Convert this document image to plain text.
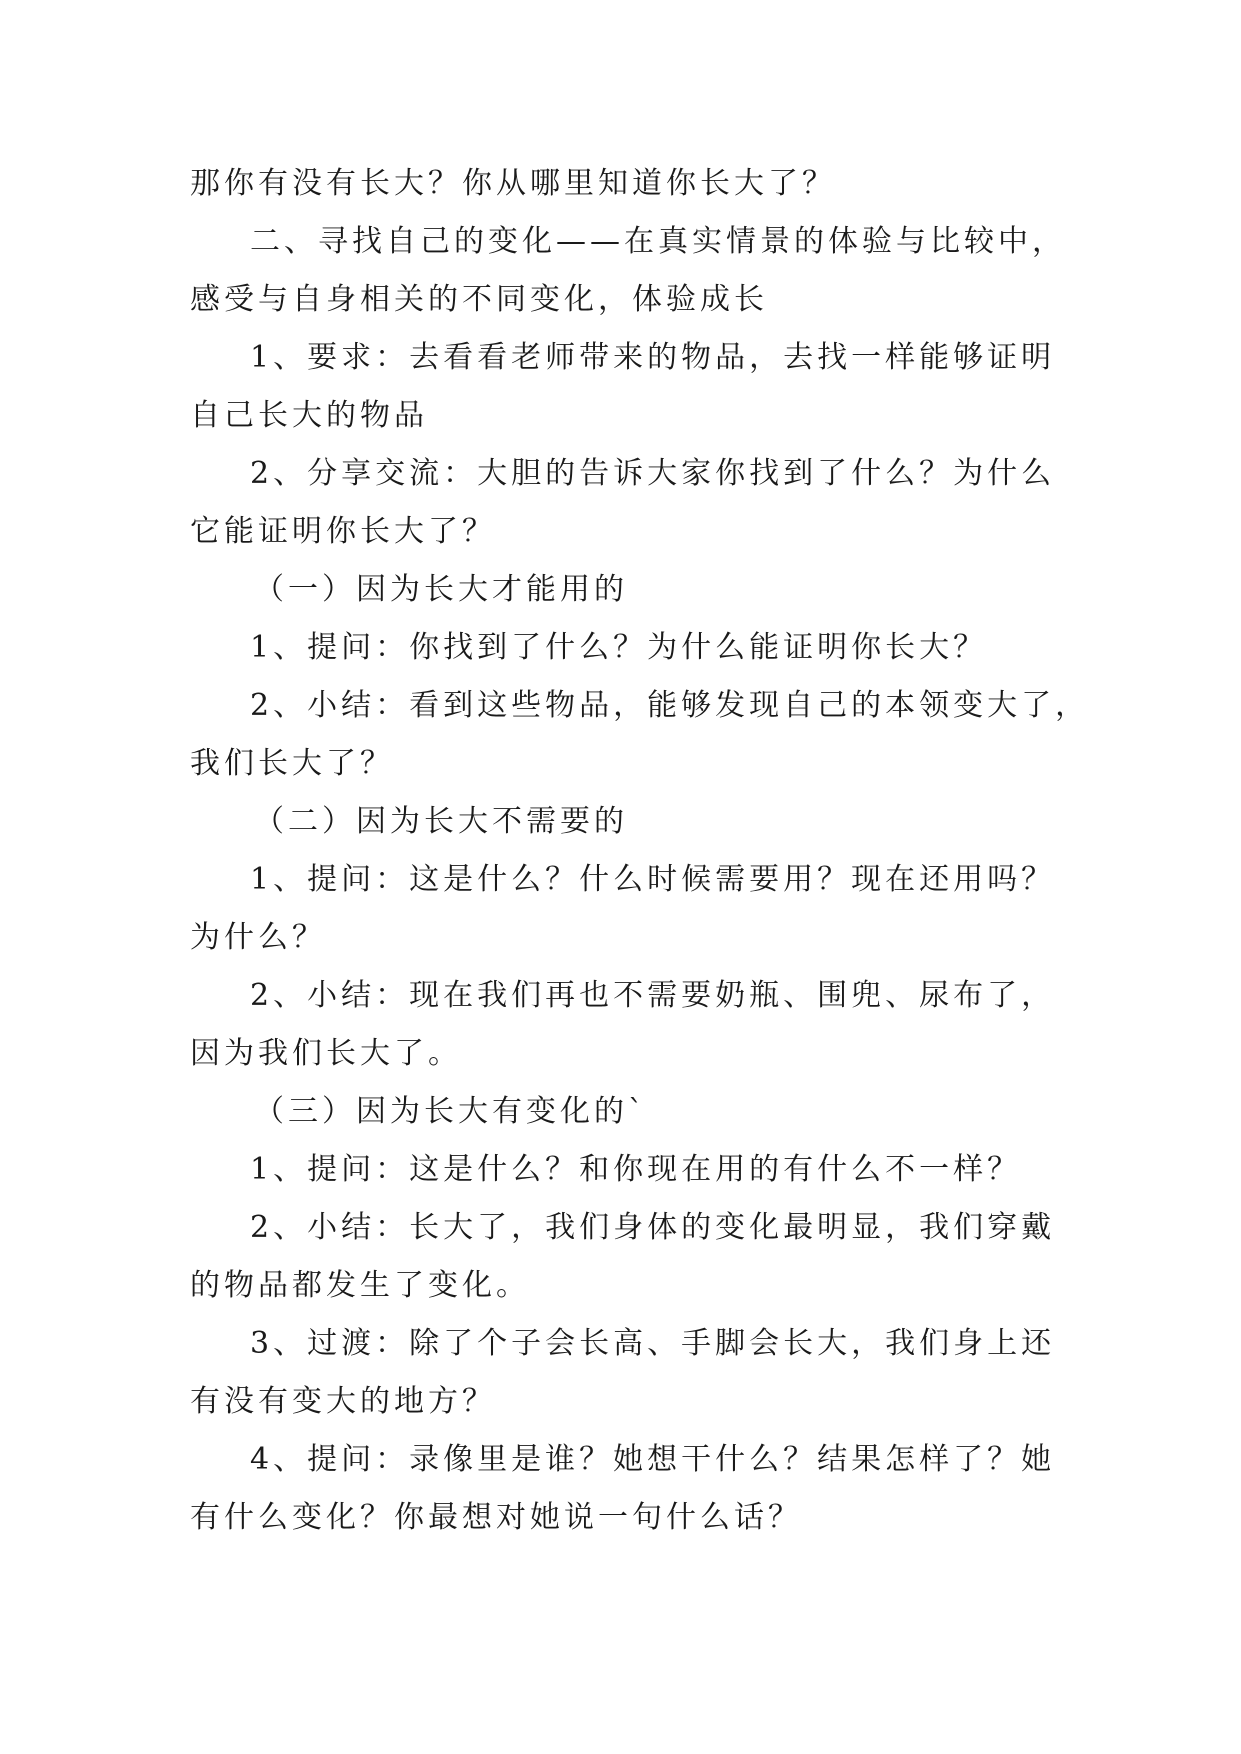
那你有没有长大？你从哪里知道你长大了？

二、寻找自己的变化——在真实情景的体验与比较中，

感受与自身相关的不同变化，体验成长

1、要求：去看看老师带来的物品，去找一样能够证明

自己长大的物品

2、分享交流：大胆的告诉大家你找到了什么？为什么

它能证明你长大了？

（一）因为长大才能用的

1、提问：你找到了什么？为什么能证明你长大？

2、小结：看到这些物品，能够发现自己的本领变大了，

我们长大了？

（二）因为长大不需要的

1、提问：这是什么？什么时候需要用？现在还用吗？

为什么？

2、小结：现在我们再也不需要奶瓶、围兜、尿布了，

因为我们长大了。

（三）因为长大有变化的`

1、提问：这是什么？和你现在用的有什么不一样？

2、小结：长大了，我们身体的变化最明显，我们穿戴

的物品都发生了变化。

3、过渡：除了个子会长高、手脚会长大，我们身上还

有没有变大的地方？

4、提问：录像里是谁？她想干什么？结果怎样了？她

有什么变化？你最想对她说一句什么话？
